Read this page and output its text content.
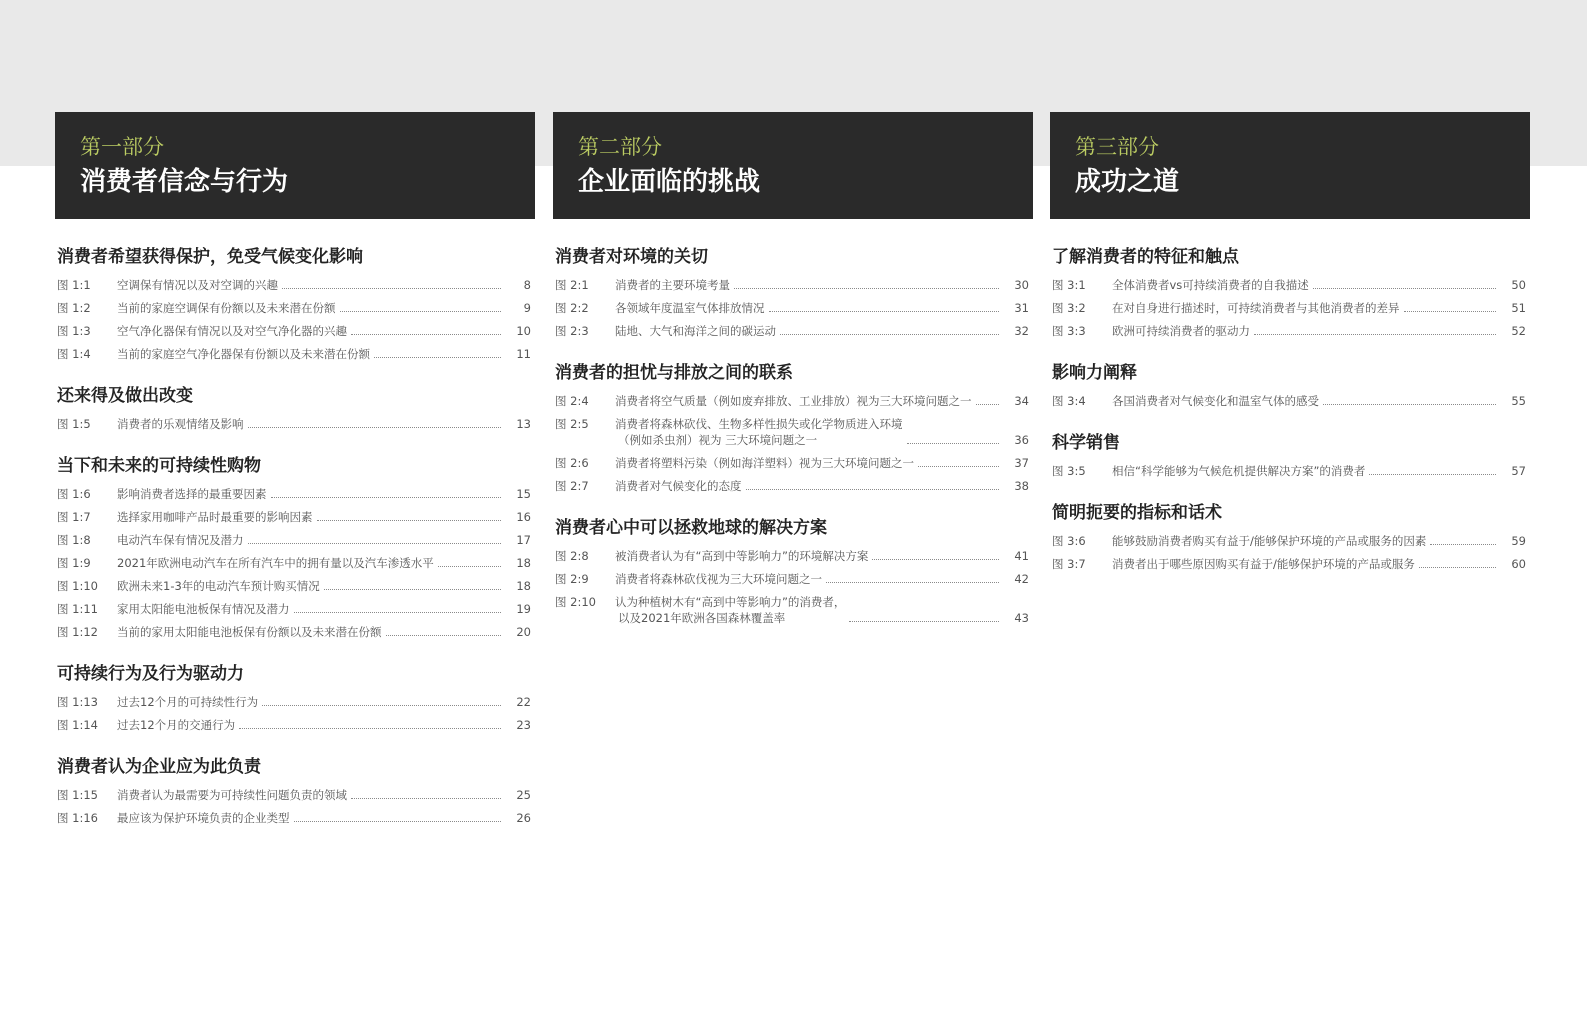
第一部分
消费者信念与行为
消费者希望获得保护，免受气候变化影响
图 1:1	空调保有情况以及对空调的兴趣	8
图 1:2	当前的家庭空调保有份额以及未来潜在份额	9
图 1:3	空气净化器保有情况以及对空气净化器的兴趣	10
图 1:4	当前的家庭空气净化器保有份额以及未来潜在份额	11
还来得及做出改变
图 1:5	消费者的乐观情绪及影响	13
当下和未来的可持续性购物
图 1:6	影响消费者选择的最重要因素	15
图 1:7	选择家用咖啡产品时最重要的影响因素	16
图 1:8	电动汽车保有情况及潜力	17
图 1:9	2021年欧洲电动汽车在所有汽车中的拥有量以及汽车渗透水平	18
图 1:10	欧洲未来1-3年的电动汽车预计购买情况	18
图 1:11	家用太阳能电池板保有情况及潜力	19
图 1:12	当前的家用太阳能电池板保有份额以及未来潜在份额	20
可持续行为及行为驱动力
图 1:13	过去12个月的可持续性行为	22
图 1:14	过去12个月的交通行为	23
消费者认为企业应为此负责
图 1:15	消费者认为最需要为可持续性问题负责的领域	25
图 1:16	最应该为保护环境负责的企业类型	26
第二部分
企业面临的挑战
消费者对环境的关切
图 2:1	消费者的主要环境考量	30
图 2:2	各领域年度温室气体排放情况	31
图 2:3	陆地、大气和海洋之间的碳运动	32
消费者的担忧与排放之间的联系
图 2:4	消费者将空气质量（例如废弃排放、工业排放）视为三大环境问题之一	34
图 2:5	消费者将森林砍伐、生物多样性损失或化学物质进入环境
（例如杀虫剂）视为 三大环境问题之一	36
图 2:6	消费者将塑料污染（例如海洋塑料）视为三大环境问题之一	37
图 2:7	消费者对气候变化的态度	38
消费者心中可以拯救地球的解决方案
图 2:8	被消费者认为有“高到中等影响力”的环境解决方案	41
图 2:9	消费者将森林砍伐视为三大环境问题之一	42
图 2:10	认为种植树木有“高到中等影响力”的消费者，
以及2021年欧洲各国森林覆盖率	43
第三部分
成功之道
了解消费者的特征和触点
图 3:1	全体消费者vs可持续消费者的自我描述	50
图 3:2	在对自身进行描述时，可持续消费者与其他消费者的差异	51
图 3:3	欧洲可持续消费者的驱动力	52
影响力阐释
图 3:4	各国消费者对气候变化和温室气体的感受	55
科学销售
图 3:5	相信“科学能够为气候危机提供解决方案”的消费者	57
简明扼要的指标和话术
图 3:6	能够鼓励消费者购买有益于/能够保护环境的产品或服务的因素	59
图 3:7	消费者出于哪些原因购买有益于/能够保护环境的产品或服务	60
